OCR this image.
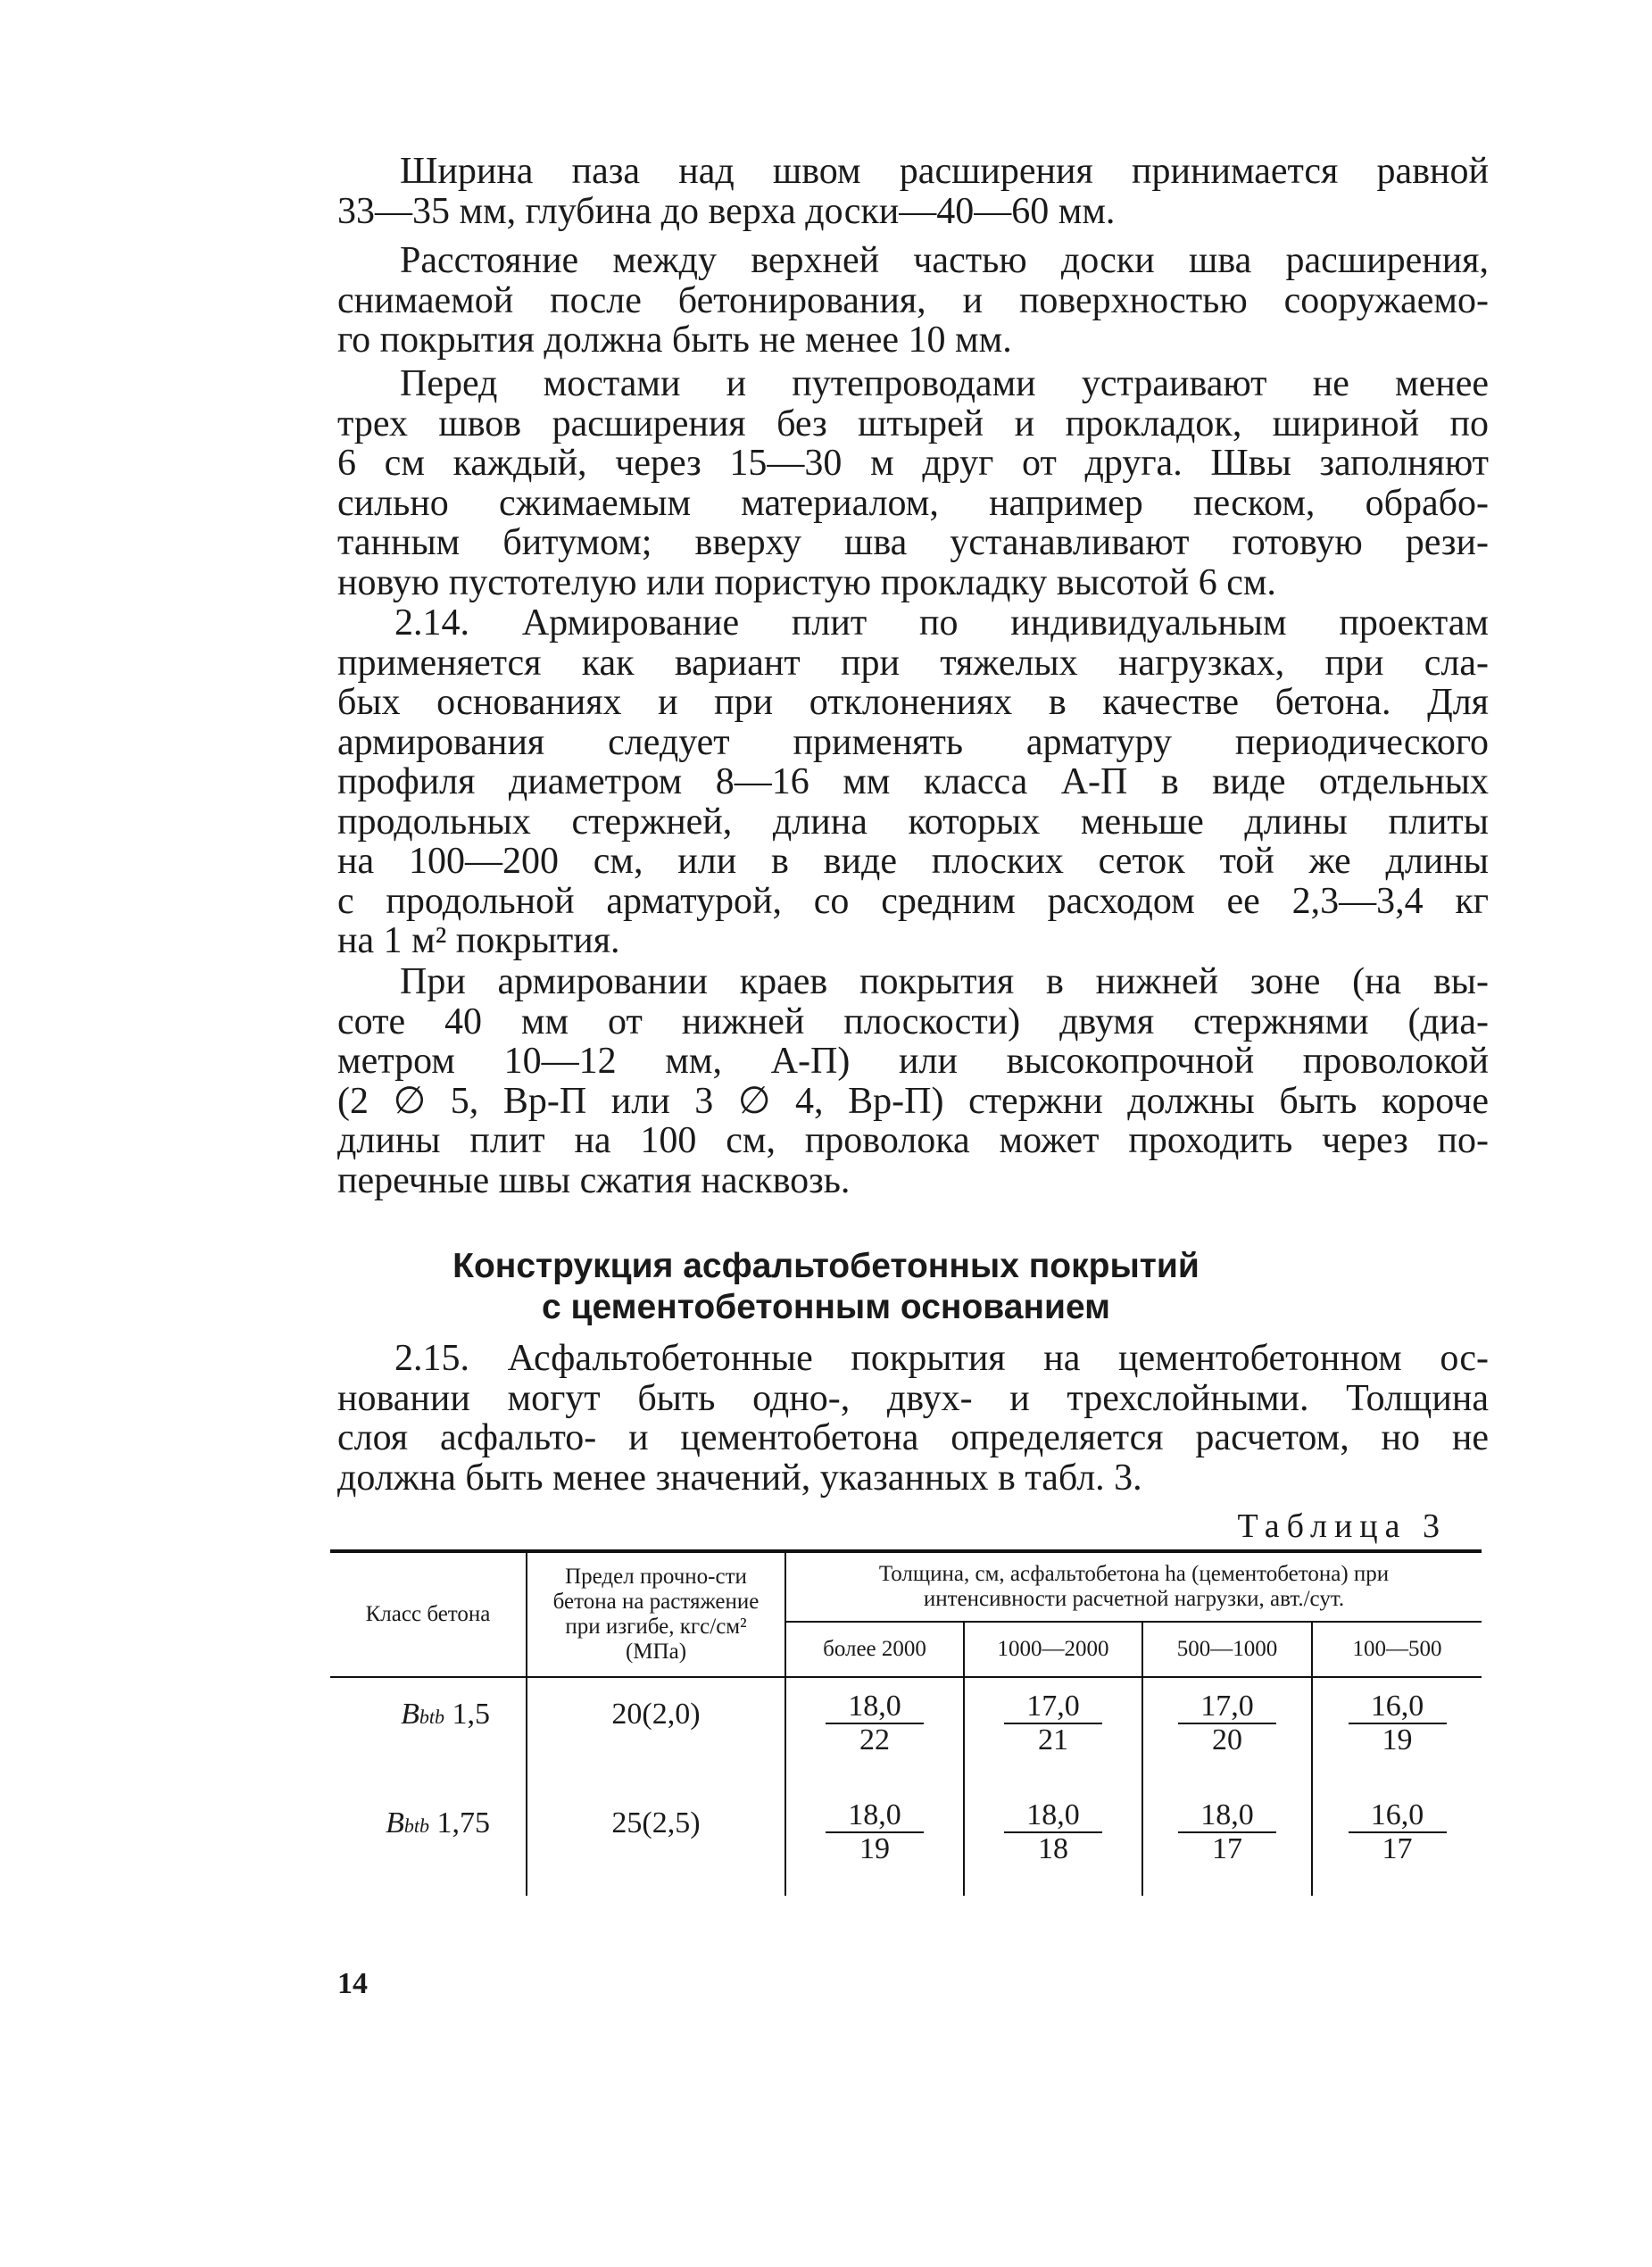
Ширина паза над швом расширения принимается равной
33—35 мм, глубина до верха доски—40—60 мм.
Расстояние между верхней частью доски шва расширения,
снимаемой после бетонирования, и поверхностью сооружаемо-
го покрытия должна быть не менее 10 мм.
Перед мостами и путепроводами устраивают не менее
трех швов расширения без штырей и прокладок, шириной по
6 см каждый, через 15—30 м друг от друга. Швы заполняют
сильно сжимаемым материалом, например песком, обрабо-
танным битумом; вверху шва устанавливают готовую рези-
новую пустотелую или пористую прокладку высотой 6 см.
2.14. Армирование плит по индивидуальным проектам
применяется как вариант при тяжелых нагрузках, при сла-
бых основаниях и при отклонениях в качестве бетона. Для
армирования следует применять арматуру периодического
профиля диаметром 8—16 мм класса А-П в виде отдельных
продольных стержней, длина которых меньше длины плиты
на 100—200 см, или в виде плоских сеток той же длины
с продольной арматурой, со средним расходом ее 2,3—3,4 кг
на 1 м² покрытия.
При армировании краев покрытия в нижней зоне (на вы-
соте 40 мм от нижней плоскости) двумя стержнями (диа-
метром 10—12 мм, А-П) или высокопрочной проволокой
(2 ∅ 5, Вр-П или 3 ∅ 4, Вр-П) стержни должны быть короче
длины плит на 100 см, проволока может проходить через по-
перечные швы сжатия насквозь.
Конструкция асфальтобетонных покрытий
с цементобетонным основанием
2.15. Асфальтобетонные покрытия на цементобетонном ос-
новании могут быть одно-, двух- и трехслойными. Толщина
слоя асфальто- и цементобетона определяется расчетом, но не
должна быть менее значений, указанных в табл. 3.
Таблица 3
Класс бетона	Предел прочно-сти бетона на растяжение при изгибе, кгс/см² (МПа)	Толщина, см, асфальтобетона hа (цементобетона) при интенсивности расчетной нагрузки, авт./сут.			
		более 2000	1000—2000	500—1000	100—500
Bbtb 1,5	20(2,0)	$\frac{18,0}{22}$	$\frac{17,0}{21}$	$\frac{17,0}{20}$	$\frac{16,0}{19}$

Bbtb 1,75	25(2,5)	$\frac{18,0}{19}$	$\frac{18,0}{18}$	$\frac{18,0}{17}$	$\frac{16,0}{17}$
14
